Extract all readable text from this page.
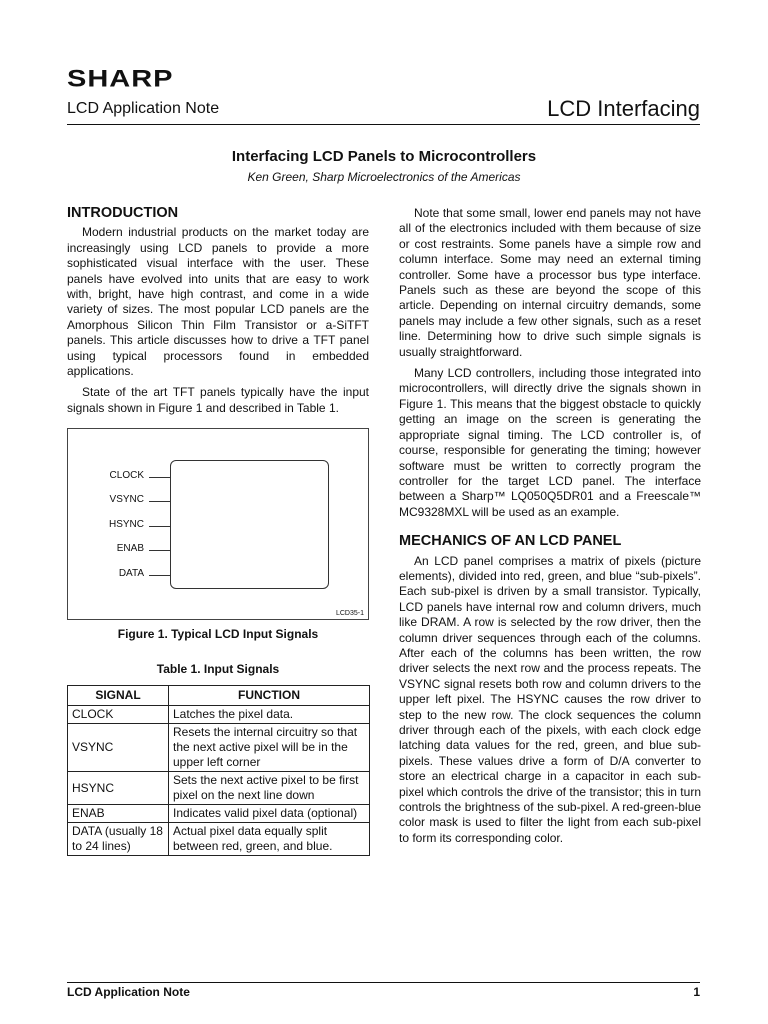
SHARP
LCD Application Note	LCD Interfacing
Interfacing LCD Panels to Microcontrollers
Ken Green, Sharp Microelectronics of the Americas
INTRODUCTION

Modern industrial products on the market today are increasingly using LCD panels to provide a more sophisticated visual interface with the user. These panels have evolved into units that are easy to work with, bright, have high contrast, and come in a wide variety of sizes. The most popular LCD panels are the Amorphous Silicon Thin Film Transistor or a-SiTFT panels. This article discusses how to drive a TFT panel using typical processors found in embedded applications.

State of the art TFT panels typically have the input signals shown in Figure 1 and described in Table 1.

CLOCK
VSYNC
HSYNC
ENAB
DATA
LCD35-1
Figure 1. Typical LCD Input Signals
Table 1. Input Signals
SIGNAL	FUNCTION
CLOCK	Latches the pixel data.
VSYNC	Resets the internal circuitry so that the next active pixel will be in the upper left corner
HSYNC	Sets the next active pixel to be first pixel on the next line down
ENAB	Indicates valid pixel data (optional)
DATA (usually 18 to 24 lines)	Actual pixel data equally split between red, green, and blue.

Note that some small, lower end panels may not have all of the electronics included with them because of size or cost restraints. Some panels have a simple row and column interface. Some may need an external timing controller. Some have a processor bus type interface. Panels such as these are beyond the scope of this article. Depending on internal circuitry demands, some panels may include a few other signals, such as a reset line. Determining how to drive such simple signals is usually straightforward.

Many LCD controllers, including those integrated into microcontrollers, will directly drive the signals shown in Figure 1. This means that the biggest obstacle to quickly getting an image on the screen is generating the appropriate signal timing. The LCD controller is, of course, responsible for generating the timing; however software must be written to correctly program the controller for the target LCD panel. The interface between a Sharp™ LQ050Q5DR01 and a Freescale™ MC9328MXL will be used as an example.

MECHANICS OF AN LCD PANEL

An LCD panel comprises a matrix of pixels (picture elements), divided into red, green, and blue “sub-pixels”. Each sub-pixel is driven by a small transistor. Typically, LCD panels have internal row and column drivers, much like DRAM. A row is selected by the row driver, then the column driver sequences through each of the columns. After each of the columns has been written, the row driver selects the next row and the process repeats. The VSYNC signal resets both row and column drivers to the upper left pixel. The HSYNC causes the row driver to step to the new row. The clock sequences the column driver through each of the pixels, with each clock edge latching data values for the red, green, and blue sub-pixels. These values drive a form of D/A converter to store an electrical charge in a capacitor in each sub-pixel which controls the drive of the transistor; this in turn controls the brightness of the sub-pixel. A red-green-blue color mask is used to filter the light from each sub-pixel to form its corresponding color.

LCD Application Note	1
